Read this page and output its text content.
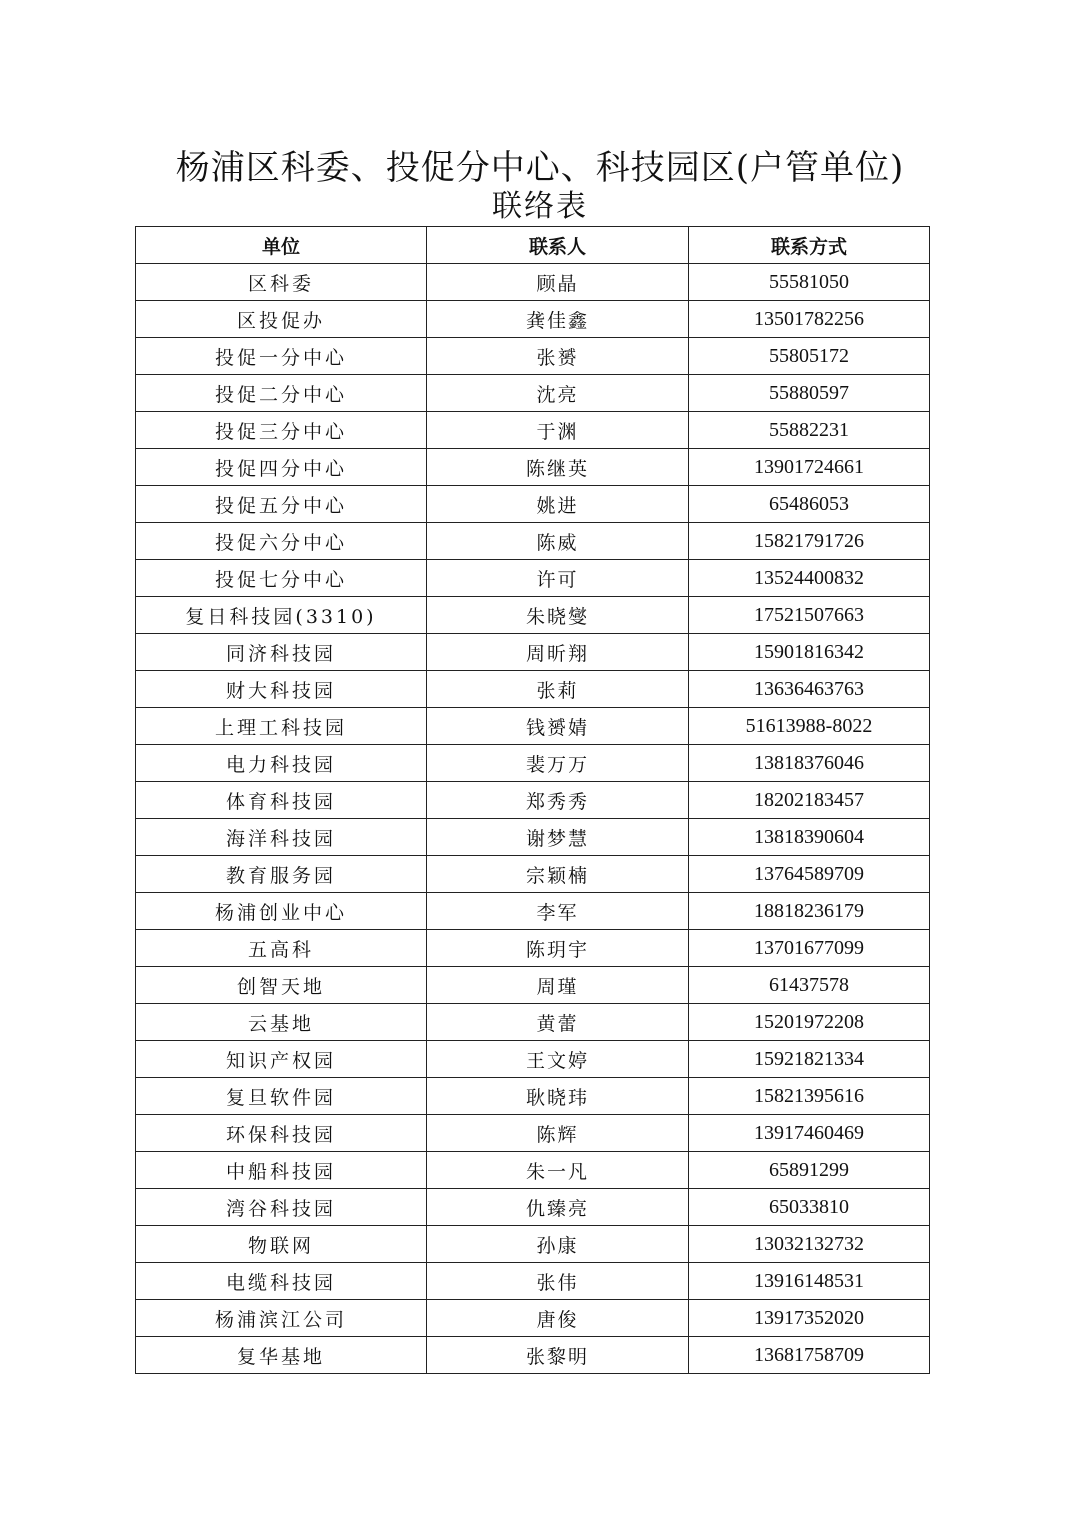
杨浦区科委、投促分中心、科技园区(户管单位)
联络表
单位	联系人	联系方式
区科委	顾晶	55581050
区投促办	龚佳鑫	13501782256
投促一分中心	张赟	55805172
投促二分中心	沈亮	55880597
投促三分中心	于渊	55882231
投促四分中心	陈继英	13901724661
投促五分中心	姚进	65486053
投促六分中心	陈威	15821791726
投促七分中心	许可	13524400832
复日科技园(3310)	朱晓燮	17521507663
同济科技园	周昕翔	15901816342
财大科技园	张莉	13636463763
上理工科技园	钱赟婧	51613988-8022
电力科技园	裴万万	13818376046
体育科技园	郑秀秀	18202183457
海洋科技园	谢梦慧	13818390604
教育服务园	宗颖楠	13764589709
杨浦创业中心	李军	18818236179
五高科	陈玥宇	13701677099
创智天地	周瑾	61437578
云基地	黄蕾	15201972208
知识产权园	王文婷	15921821334
复旦软件园	耿晓玮	15821395616
环保科技园	陈辉	13917460469
中船科技园	朱一凡	65891299
湾谷科技园	仇臻亮	65033810
物联网	孙康	13032132732
电缆科技园	张伟	13916148531
杨浦滨江公司	唐俊	13917352020
复华基地	张黎明	13681758709
